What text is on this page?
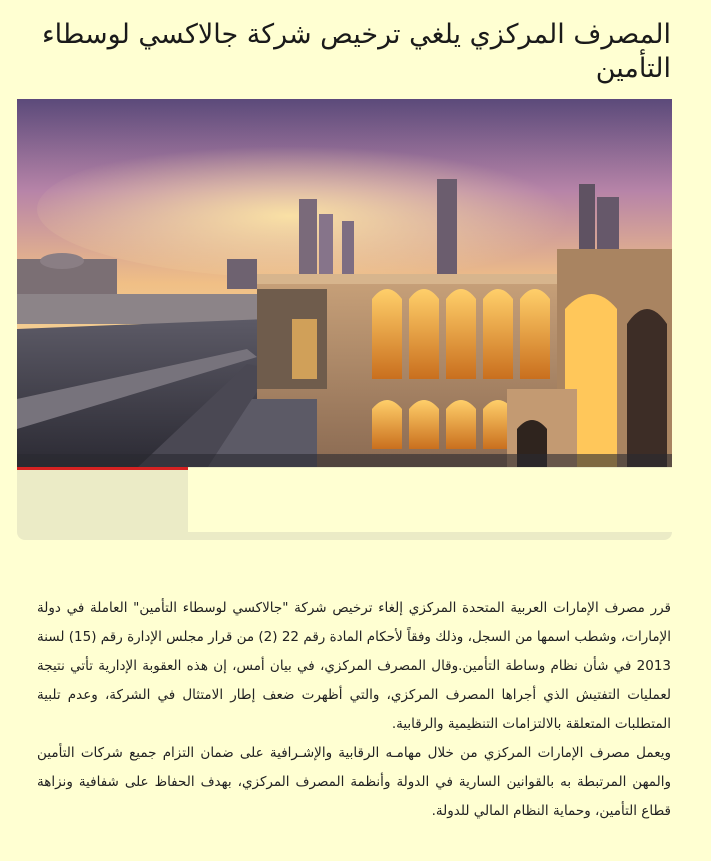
المصرف المركزي يلغي ترخيص شركة جالاكسي لوسطاء التأمين

قرر مصرف الإمارات العربية المتحدة المركزي إلغاء ترخيص شركة "جالاكسي لوسطاء التأمين" العاملة في دولة الإمارات، وشطب اسمها من السجل، وذلك وفقاً لأحكام المادة رقم 22 (2) من قرار مجلس الإدارة رقم (15) لسنة 2013 في شأن نظام وساطة التأمين.وقال المصرف المركزي، في بيان أمس، إن هذه العقوبة الإدارية تأتي نتيجة لعمليات التفتيش الذي أجراها المصرف المركزي، والتي أظهرت ضعف إطار الامتثال في الشركة، وعدم تلبية المتطلبات المتعلقة بالالتزامات التنظيمية والرقابية.

ويعمل مصرف الإمارات المركزي من خلال مهامـه الرقابية والإشـرافية على ضمان التزام جميع شركات التأمين والمهن المرتبطة به بالقوانين السارية في الدولة وأنظمة المصرف المركزي، بهدف الحفاظ على شفافية ونزاهة قطاع التأمين، وحماية النظام المالي للدولة.
